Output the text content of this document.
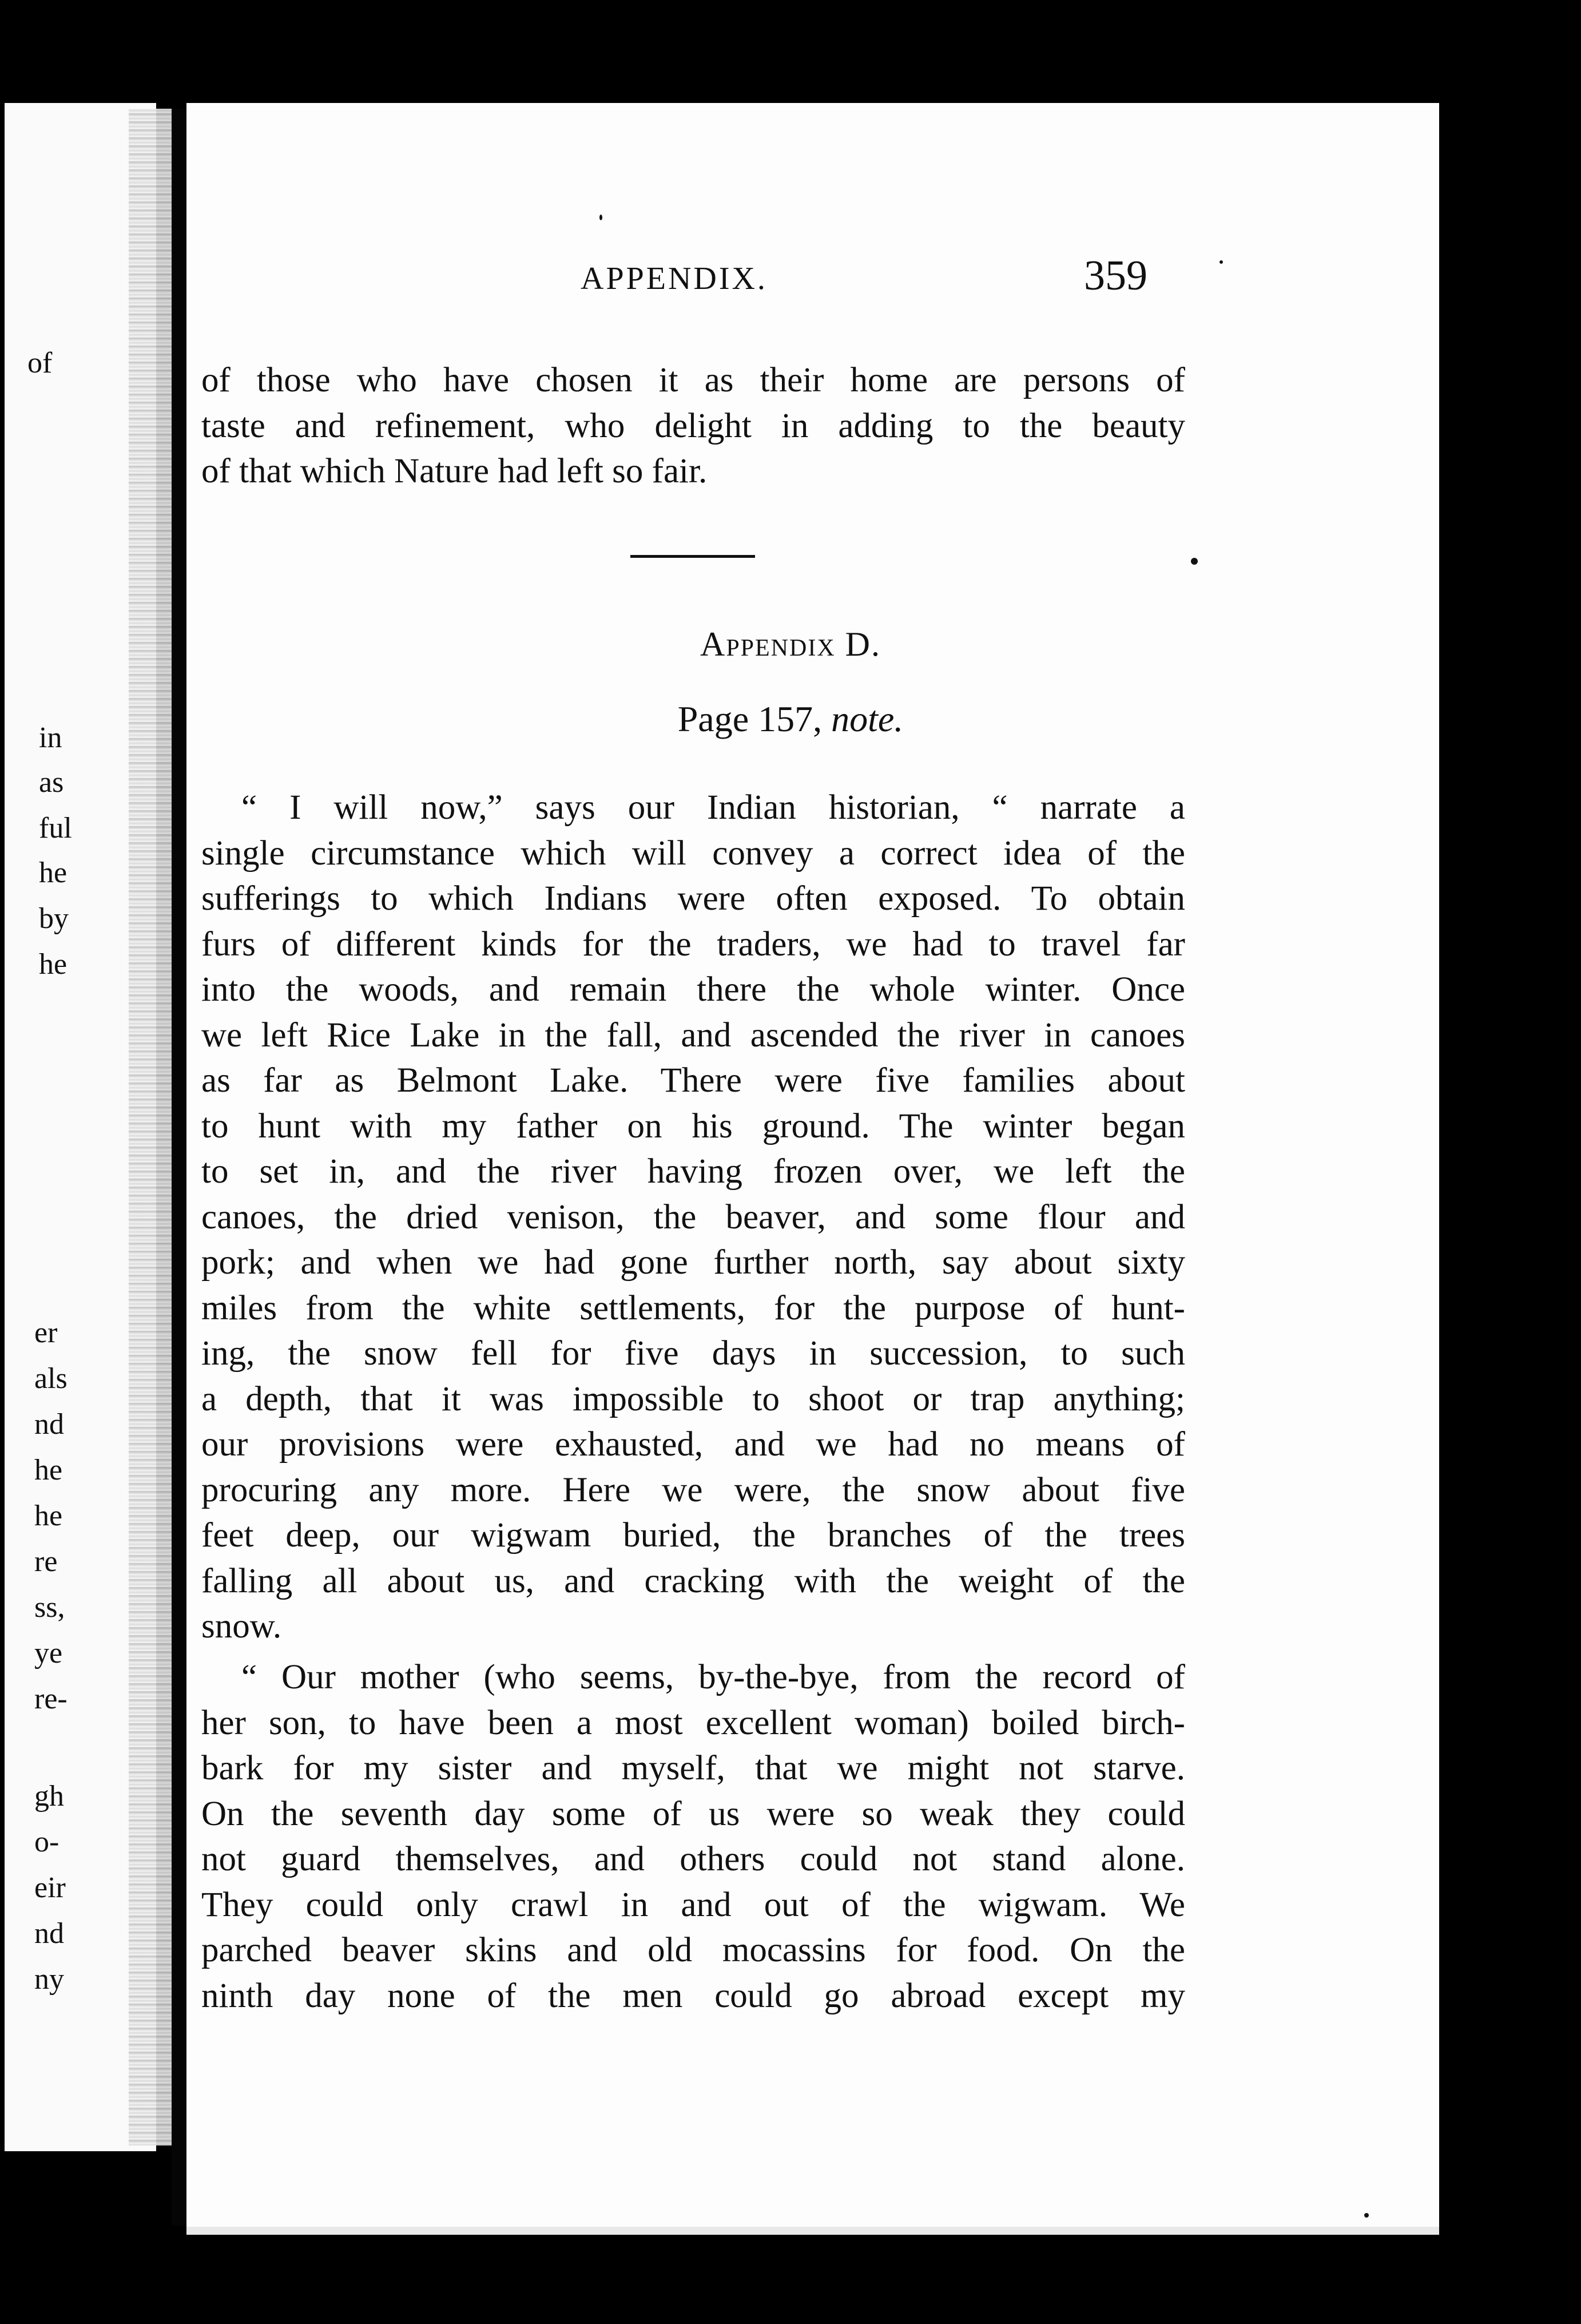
APPENDIX.	359
of those who have chosen it as their home are persons of
taste and refinement, who delight in adding to the beauty
of that which Nature had left so fair.
Appendix D.
Page 157, note.
“ I will now,” says our Indian historian, “ narrate a
single circumstance which will convey a correct idea of the
sufferings to which Indians were often exposed. To obtain
furs of different kinds for the traders, we had to travel far
into the woods, and remain there the whole winter. Once
we left Rice Lake in the fall, and ascended the river in canoes
as far as Belmont Lake. There were five families about
to hunt with my father on his ground. The winter began
to set in, and the river having frozen over, we left the
canoes, the dried venison, the beaver, and some flour and
pork; and when we had gone further north, say about sixty
miles from the white settlements, for the purpose of hunt-
ing, the snow fell for five days in succession, to such
a depth, that it was impossible to shoot or trap anything;
our provisions were exhausted, and we had no means of
procuring any more. Here we were, the snow about five
feet deep, our wigwam buried, the branches of the trees
falling all about us, and cracking with the weight of the
snow.
“ Our mother (who seems, by-the-bye, from the record of
her son, to have been a most excellent woman) boiled birch-
bark for my sister and myself, that we might not starve.
On the seventh day some of us were so weak they could
not guard themselves, and others could not stand alone.
They could only crawl in and out of the wigwam. We
parched beaver skins and old mocassins for food. On the
ninth day none of the men could go abroad except my
of
in
as
ful
he
by
he
er
als
nd
he
he
re
ss,
ye
re-
gh
o-
eir
nd
ny
